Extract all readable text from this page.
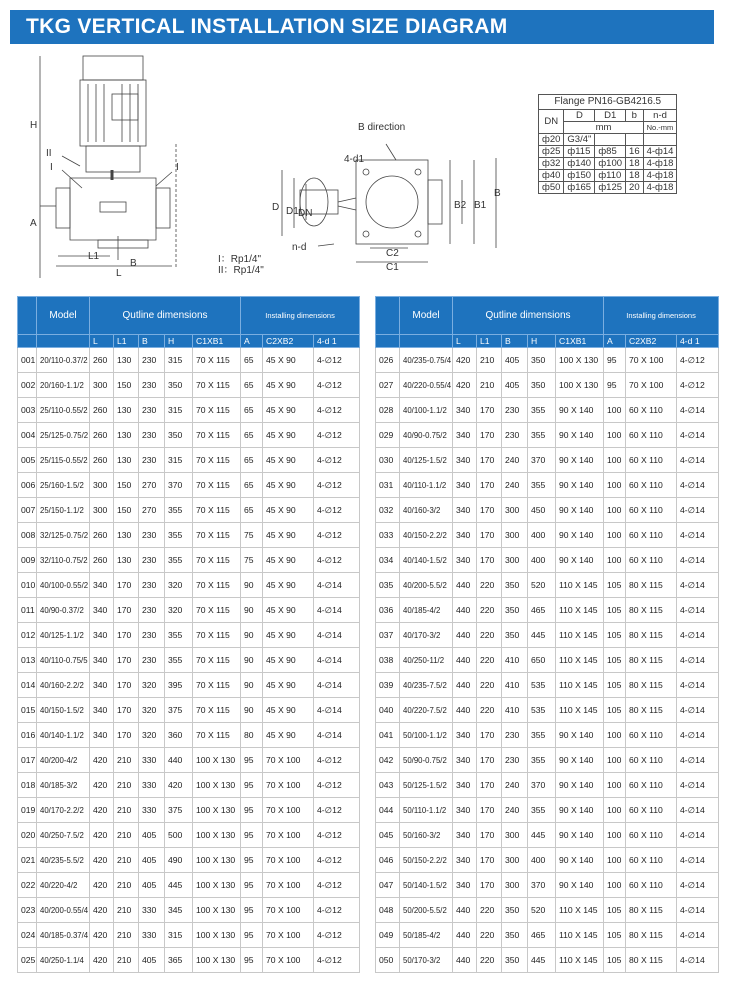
TKG VERTICAL INSTALLATION SIZE DIAGRAM
H
A
L1
L
B
I
II
I
I：Rp1/4"
II：Rp1/4"
B direction
4-d1
D D1 DN
n-d
B2 B1
B
C2
C1
Flange PN16-GB4216.5				
DN	D	D1	b	n-d
	mm			No.-mm
ф20	G3/4"			
ф25	ф115	ф85	16	4-ф14
ф32	ф140	ф100	18	4-ф18
ф40	ф150	ф110	18	4-ф18
ф50	ф165	ф125	20	4-ф18
	Model	Qutline dimensions					Installing dimensions		
		L	L1	B	H	C1XB1	A	C2XB2	4-d 1
001	20/110-0.37/2	260	130	230	315	70 X 115	65	45 X 90	4-∅12
002	20/160-1.1/2	300	150	230	350	70 X 115	65	45 X 90	4-∅12
003	25/110-0.55/2	260	130	230	315	70 X 115	65	45 X 90	4-∅12
004	25/125-0.75/2	260	130	230	350	70 X 115	65	45 X 90	4-∅12
005	25/115-0.55/2	260	130	230	315	70 X 115	65	45 X 90	4-∅12
006	25/160-1.5/2	300	150	270	370	70 X 115	65	45 X 90	4-∅12
007	25/150-1.1/2	300	150	270	355	70 X 115	65	45 X 90	4-∅12
008	32/125-0.75/2	260	130	230	355	70 X 115	75	45 X 90	4-∅12
009	32/110-0.75/2	260	130	230	355	70 X 115	75	45 X 90	4-∅12
010	40/100-0.55/2	340	170	230	320	70 X 115	90	45 X 90	4-∅14
011	40/90-0.37/2	340	170	230	320	70 X 115	90	45 X 90	4-∅14
012	40/125-1.1/2	340	170	230	355	70 X 115	90	45 X 90	4-∅14
013	40/110-0.75/5	340	170	230	355	70 X 115	90	45 X 90	4-∅14
014	40/160-2.2/2	340	170	320	395	70 X 115	90	45 X 90	4-∅14
015	40/150-1.5/2	340	170	320	375	70 X 115	90	45 X 90	4-∅14
016	40/140-1.1/2	340	170	320	360	70 X 115	80	45 X 90	4-∅14
017	40/200-4/2	420	210	330	440	100 X 130	95	70 X 100	4-∅12
018	40/185-3/2	420	210	330	420	100 X 130	95	70 X 100	4-∅12
019	40/170-2.2/2	420	210	330	375	100 X 130	95	70 X 100	4-∅12
020	40/250-7.5/2	420	210	405	500	100 X 130	95	70 X 100	4-∅12
021	40/235-5.5/2	420	210	405	490	100 X 130	95	70 X 100	4-∅12
022	40/220-4/2	420	210	405	445	100 X 130	95	70 X 100	4-∅12
023	40/200-0.55/4	420	210	330	345	100 X 130	95	70 X 100	4-∅12
024	40/185-0.37/4	420	210	330	315	100 X 130	95	70 X 100	4-∅12
025	40/250-1.1/4	420	210	405	365	100 X 130	95	70 X 100	4-∅12
	Model	Qutline dimensions					Installing dimensions		
		L	L1	B	H	C1XB1	A	C2XB2	4-d 1
026	40/235-0.75/4	420	210	405	350	100 X 130	95	70 X 100	4-∅12
027	40/220-0.55/4	420	210	405	350	100 X 130	95	70 X 100	4-∅12
028	40/100-1.1/2	340	170	230	355	90 X 140	100	60 X 110	4-∅14
029	40/90-0.75/2	340	170	230	355	90 X 140	100	60 X 110	4-∅14
030	40/125-1.5/2	340	170	240	370	90 X 140	100	60 X 110	4-∅14
031	40/110-1.1/2	340	170	240	355	90 X 140	100	60 X 110	4-∅14
032	40/160-3/2	340	170	300	450	90 X 140	100	60 X 110	4-∅14
033	40/150-2.2/2	340	170	300	400	90 X 140	100	60 X 110	4-∅14
034	40/140-1.5/2	340	170	300	400	90 X 140	100	60 X 110	4-∅14
035	40/200-5.5/2	440	220	350	520	110 X 145	105	80 X 115	4-∅14
036	40/185-4/2	440	220	350	465	110 X 145	105	80 X 115	4-∅14
037	40/170-3/2	440	220	350	445	110 X 145	105	80 X 115	4-∅14
038	40/250-11/2	440	220	410	650	110 X 145	105	80 X 115	4-∅14
039	40/235-7.5/2	440	220	410	535	110 X 145	105	80 X 115	4-∅14
040	40/220-7.5/2	440	220	410	535	110 X 145	105	80 X 115	4-∅14
041	50/100-1.1/2	340	170	230	355	90 X 140	100	60 X 110	4-∅14
042	50/90-0.75/2	340	170	230	355	90 X 140	100	60 X 110	4-∅14
043	50/125-1.5/2	340	170	240	370	90 X 140	100	60 X 110	4-∅14
044	50/110-1.1/2	340	170	240	355	90 X 140	100	60 X 110	4-∅14
045	50/160-3/2	340	170	300	445	90 X 140	100	60 X 110	4-∅14
046	50/150-2.2/2	340	170	300	400	90 X 140	100	60 X 110	4-∅14
047	50/140-1.5/2	340	170	300	370	90 X 140	100	60 X 110	4-∅14
048	50/200-5.5/2	440	220	350	520	110 X 145	105	80 X 115	4-∅14
049	50/185-4/2	440	220	350	465	110 X 145	105	80 X 115	4-∅14
050	50/170-3/2	440	220	350	445	110 X 145	105	80 X 115	4-∅14
